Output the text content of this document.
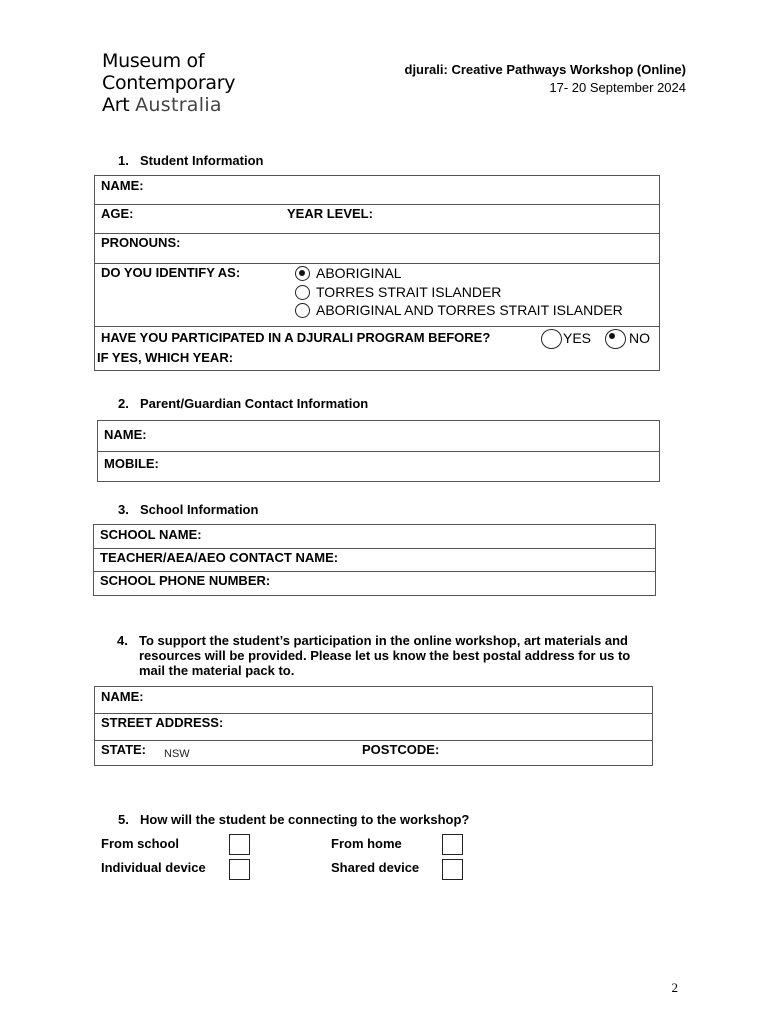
Museum of
Contemporary
Art Australia
djurali: Creative Pathways Workshop (Online)
17- 20 September 2024
1. Student Information
NAME:
AGE:	YEAR LEVEL:
PRONOUNS:
DO YOU IDENTIFY AS:	ABORIGINAL
TORRES STRAIT ISLANDER
ABORIGINAL AND TORRES STRAIT ISLANDER
HAVE YOU PARTICIPATED IN A DJURALI PROGRAM BEFORE?	YES	NO
IF YES, WHICH YEAR:
2. Parent/Guardian Contact Information
NAME:
MOBILE:
3. School Information
SCHOOL NAME:
TEACHER/AEA/AEO CONTACT NAME:
SCHOOL PHONE NUMBER:
4. To support the student’s participation in the online workshop, art materials and resources will be provided. Please let us know the best postal address for us to mail the material pack to.
NAME:
STREET ADDRESS:
STATE: NSW	POSTCODE:
5. How will the student be connecting to the workshop?
From school	From home
Individual device	Shared device
2
